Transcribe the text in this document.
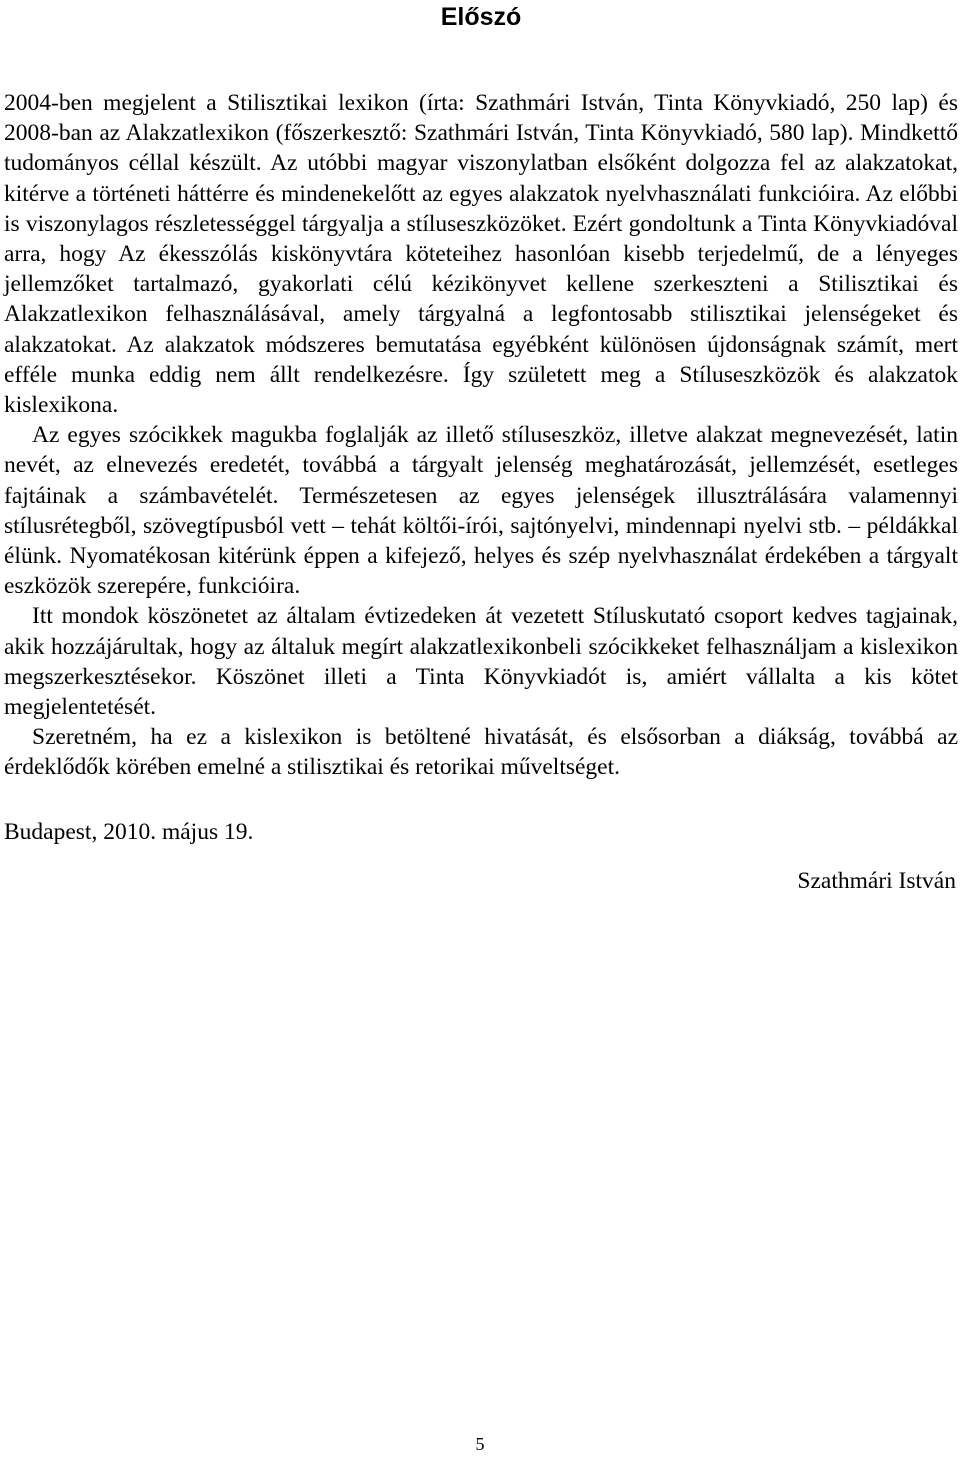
Előszó

2004-ben megjelent a Stilisztikai lexikon (írta: Szathmári István, Tinta Könyvkiadó, 250 lap) és 2008-ban az Alakzatlexikon (főszerkesztő: Szathmári István, Tinta Könyvkiadó, 580 lap). Mindkettő tudományos céllal készült. Az utóbbi magyar viszonylatban elsőként dolgozza fel az alakzatokat, kitérve a történeti háttérre és mindenekelőtt az egyes alakzatok nyelvhasználati funkcióira. Az előbbi is viszonylagos részletességgel tárgyalja a stíluseszközöket. Ezért gondoltunk a Tinta Könyvkiadóval arra, hogy Az ékesszólás kiskönyvtára köteteihez hasonlóan kisebb terjedelmű, de a lényeges jellemzőket tartalmazó, gyakorlati célú kézikönyvet kellene szerkeszteni a Stilisztikai és Alakzatlexikon felhasználásával, amely tárgyalná a legfontosabb stilisztikai jelenségeket és alakzatokat. Az alakzatok módszeres bemutatása egyébként különösen újdonságnak számít, mert efféle munka eddig nem állt rendelkezésre. Így született meg a Stíluseszközök és alakzatok kislexikona.

Az egyes szócikkek magukba foglalják az illető stíluseszköz, illetve alakzat megnevezését, latin nevét, az elnevezés eredetét, továbbá a tárgyalt jelenség meghatározását, jellemzését, esetleges fajtáinak a számbavételét. Természetesen az egyes jelenségek illusztrálására valamennyi stílusrétegből, szövegtípusból vett – tehát költői-írói, sajtónyelvi, mindennapi nyelvi stb. – példákkal élünk. Nyomatékosan kitérünk éppen a kifejező, helyes és szép nyelvhasználat érdekében a tárgyalt eszközök szerepére, funkcióira.

Itt mondok köszönetet az általam évtizedeken át vezetett Stíluskutató csoport kedves tagjainak, akik hozzájárultak, hogy az általuk megírt alakzatlexikonbeli szócikkeket felhasználjam a kislexikon megszerkesztésekor. Köszönet illeti a Tinta Könyvkiadót is, amiért vállalta a kis kötet megjelentetését.

Szeretném, ha ez a kislexikon is betöltené hivatását, és elsősorban a diákság, továbbá az érdeklődők körében emelné a stilisztikai és retorikai műveltséget.

Budapest, 2010. május 19.

Szathmári István

5
